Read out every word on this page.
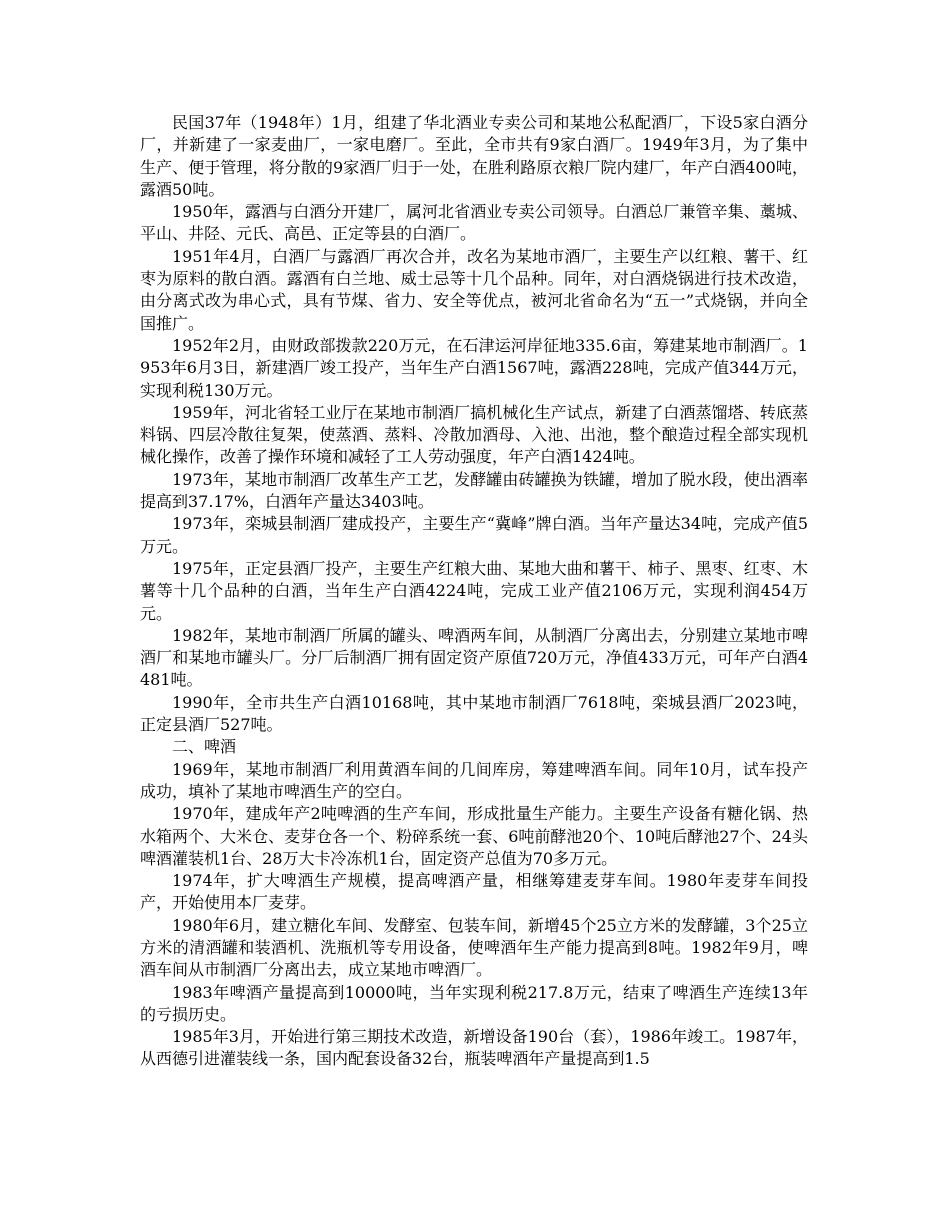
民国37年（1948年）1月，组建了华北酒业专卖公司和某地公私配酒厂，下设5家白酒分厂，并新建了一家麦曲厂，一家电磨厂。至此，全市共有9家白酒厂。1949年3月，为了集中生产、便于管理，将分散的9家酒厂归于一处，在胜利路原衣粮厂院内建厂，年产白酒400吨，露酒50吨。

1950年，露酒与白酒分开建厂，属河北省酒业专卖公司领导。白酒总厂兼管辛集、藁城、平山、井陉、元氏、高邑、正定等县的白酒厂。

1951年4月，白酒厂与露酒厂再次合并，改名为某地市酒厂，主要生产以红粮、薯干、红枣为原料的散白酒。露酒有白兰地、威士忌等十几个品种。同年，对白酒烧锅进行技术改造，由分离式改为串心式，具有节煤、省力、安全等优点，被河北省命名为“五一”式烧锅，并向全国推广。

1952年2月，由财政部拨款220万元，在石津运河岸征地335.6亩，筹建某地市制酒厂。1953年6月3日，新建酒厂竣工投产，当年生产白酒1567吨，露酒228吨，完成产值344万元，实现利税130万元。

1959年，河北省轻工业厅在某地市制酒厂搞机械化生产试点，新建了白酒蒸馏塔、转底蒸料锅、四层冷散往复架，使蒸酒、蒸料、冷散加酒母、入池、出池，整个酿造过程全部实现机械化操作，改善了操作环境和减轻了工人劳动强度，年产白酒1424吨。

1973年，某地市制酒厂改革生产工艺，发酵罐由砖罐换为铁罐，增加了脱水段，使出酒率提高到37.17%，白酒年产量达3403吨。

1973年，栾城县制酒厂建成投产，主要生产“冀峰”牌白酒。当年产量达34吨，完成产值5万元。

1975年，正定县酒厂投产，主要生产红粮大曲、某地大曲和薯干、柿子、黑枣、红枣、木薯等十几个品种的白酒，当年生产白酒4224吨，完成工业产值2106万元，实现利润454万元。

1982年，某地市制酒厂所属的罐头、啤酒两车间，从制酒厂分离出去，分别建立某地市啤酒厂和某地市罐头厂。分厂后制酒厂拥有固定资产原值720万元，净值433万元，可年产白酒4481吨。

1990年，全市共生产白酒10168吨，其中某地市制酒厂7618吨，栾城县酒厂2023吨，正定县酒厂527吨。

二、啤酒

1969年，某地市制酒厂利用黄酒车间的几间库房，筹建啤酒车间。同年10月，试车投产成功，填补了某地市啤酒生产的空白。

1970年，建成年产2吨啤酒的生产车间，形成批量生产能力。主要生产设备有糖化锅、热水箱两个、大米仓、麦芽仓各一个、粉碎系统一套、6吨前酵池20个、10吨后酵池27个、24头啤酒灌装机1台、28万大卡冷冻机1台，固定资产总值为70多万元。

1974年，扩大啤酒生产规模，提高啤酒产量，相继筹建麦芽车间。1980年麦芽车间投产，开始使用本厂麦芽。

1980年6月，建立糖化车间、发酵室、包装车间，新增45个25立方米的发酵罐，3个25立方米的清酒罐和装酒机、洗瓶机等专用设备，使啤酒年生产能力提高到8吨。1982年9月，啤酒车间从市制酒厂分离出去，成立某地市啤酒厂。

1983年啤酒产量提高到10000吨，当年实现利税217.8万元，结束了啤酒生产连续13年的亏损历史。

1985年3月，开始进行第三期技术改造，新增设备190台（套），1986年竣工。1987年，从西德引进灌装线一条，国内配套设备32台，瓶装啤酒年产量提高到1.5
